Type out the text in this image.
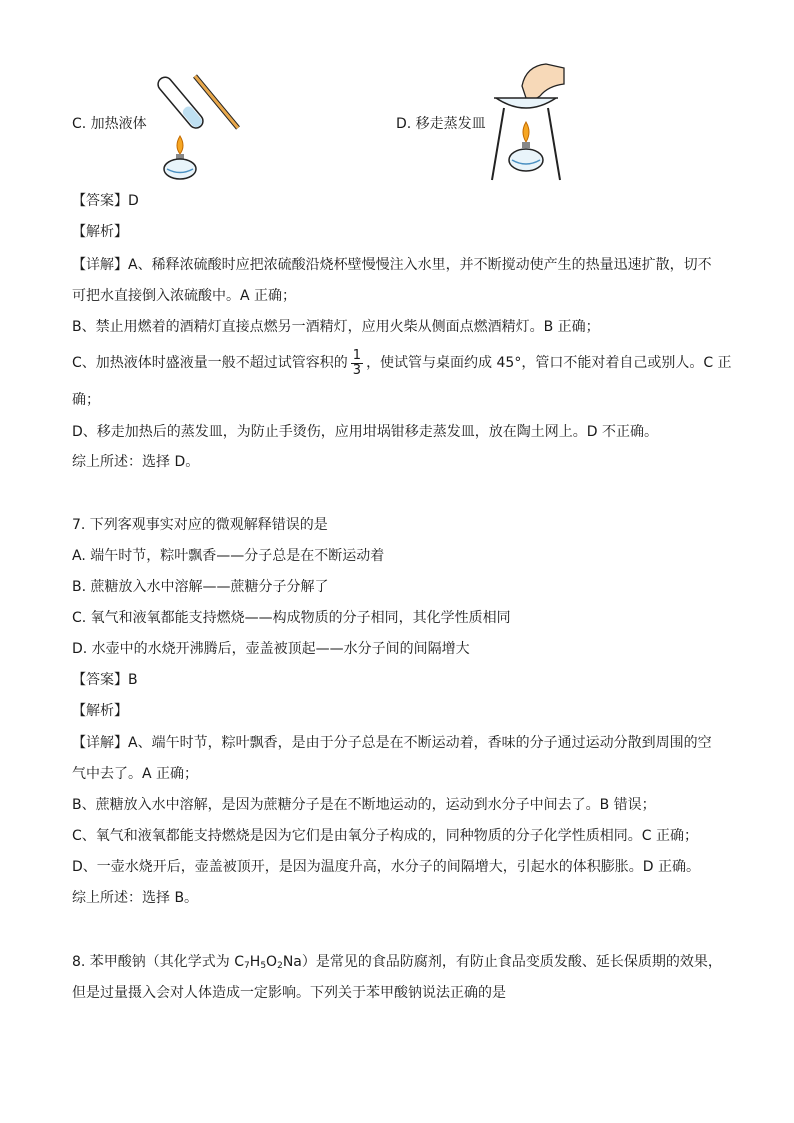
C. 加热液体	D. 移走蒸发皿
【答案】D
【解析】
【详解】A、稀释浓硫酸时应把浓硫酸沿烧杯壁慢慢注入水里，并不断搅动使产生的热量迅速扩散，切不
可把水直接倒入浓硫酸中。A 正确；
B、禁止用燃着的酒精灯直接点燃另一酒精灯，应用火柴从侧面点燃酒精灯。B 正确；
C、加热液体时盛液量一般不超过试管容积的 $\frac{1}{3}$ ，使试管与桌面约成 45°，管口不能对着自己或别人。C 正
确；
D、移走加热后的蒸发皿，为防止手烫伤，应用坩埚钳移走蒸发皿，放在陶土网上。D 不正确。
综上所述：选择 D。
7. 下列客观事实对应的微观解释错误的是
A. 端午时节，粽叶飘香——分子总是在不断运动着
B. 蔗糖放入水中溶解——蔗糖分子分解了
C. 氧气和液氧都能支持燃烧——构成物质的分子相同，其化学性质相同
D. 水壶中的水烧开沸腾后，壶盖被顶起——水分子间的间隔增大
【答案】B
【解析】
【详解】A、端午时节，粽叶飘香，是由于分子总是在不断运动着，香味的分子通过运动分散到周围的空
气中去了。A 正确；
B、蔗糖放入水中溶解，是因为蔗糖分子是在不断地运动的，运动到水分子中间去了。B 错误；
C、氧气和液氧都能支持燃烧是因为它们是由氧分子构成的，同种物质的分子化学性质相同。C 正确；
D、一壶水烧开后，壶盖被顶开，是因为温度升高，水分子的间隔增大，引起水的体积膨胀。D 正确。
综上所述：选择 B。
8. 苯甲酸钠（其化学式为 $C_7H_5O_2Na$）是常见的食品防腐剂，有防止食品变质发酸、延长保质期的效果，
但是过量摄入会对人体造成一定影响。下列关于苯甲酸钠说法正确的是
